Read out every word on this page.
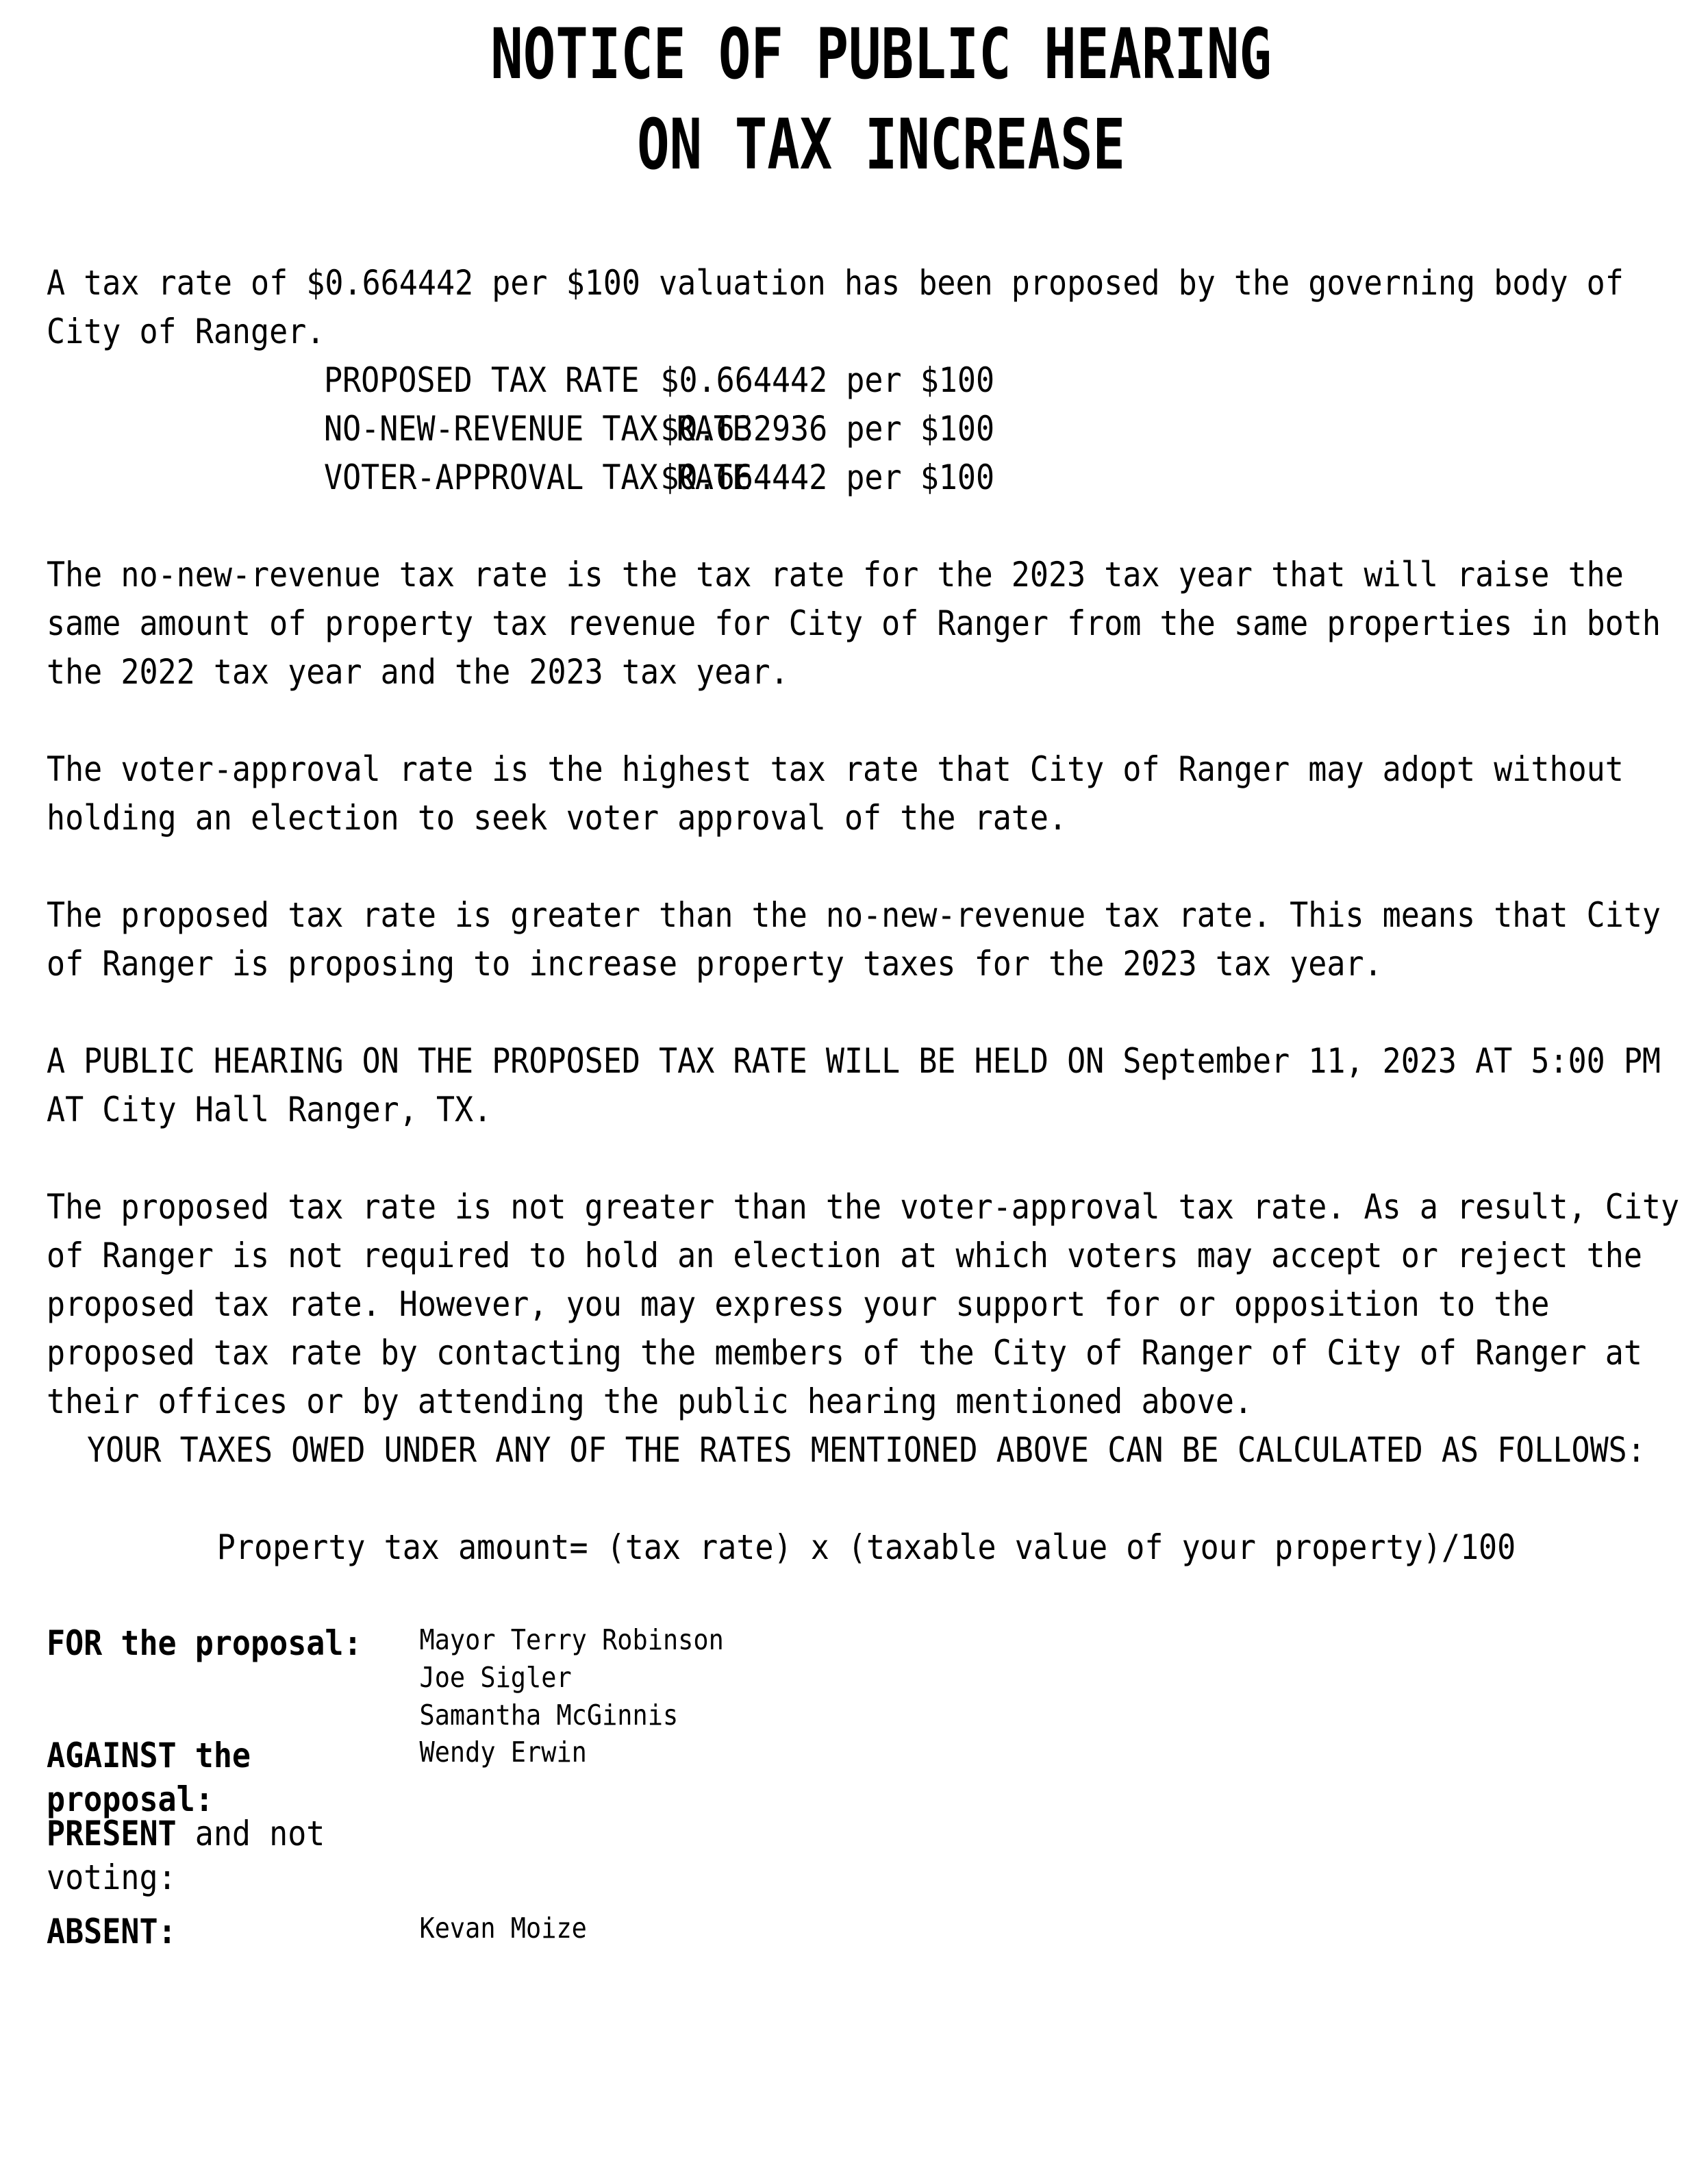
NOTICE OF PUBLIC HEARING
ON TAX INCREASE

A tax rate of $0.664442 per $100 valuation has been proposed by the governing body of City of Ranger.

PROPOSED TAX RATE $0.664442 per $100
NO-NEW-REVENUE TAX RATE
$0.632936 per $100
VOTER-APPROVAL TAX RATE
$0.664442 per $100

The no-new-revenue tax rate is the tax rate for the 2023 tax year that will raise the same amount of property tax revenue for City of Ranger from the same properties in both the 2022 tax year and the 2023 tax year.

The voter-approval rate is the highest tax rate that City of Ranger may adopt without holding an election to seek voter approval of the rate.

The proposed tax rate is greater than the no-new-revenue tax rate. This means that City of Ranger is proposing to increase property taxes for the 2023 tax year.

A PUBLIC HEARING ON THE PROPOSED TAX RATE WILL BE HELD ON September 11, 2023 AT 5:00 PM AT City Hall Ranger, TX.

The proposed tax rate is not greater than the voter-approval tax rate. As a result, City of Ranger is not required to hold an election at which voters may accept or reject the proposed tax rate. However, you may express your support for or opposition to the proposed tax rate by contacting the members of the City of Ranger of City of Ranger at their offices or by attending the public hearing mentioned above.

YOUR TAXES OWED UNDER ANY OF THE RATES MENTIONED ABOVE CAN BE CALCULATED AS FOLLOWS:
Property tax amount= (tax rate) x (taxable value of your property)/100
FOR the proposal:	Mayor Terry Robinson
Joe Sigler
Samantha McGinnis
AGAINST the proposal:
Wendy Erwin
PRESENT and not voting:
ABSENT:	Kevan Moize
